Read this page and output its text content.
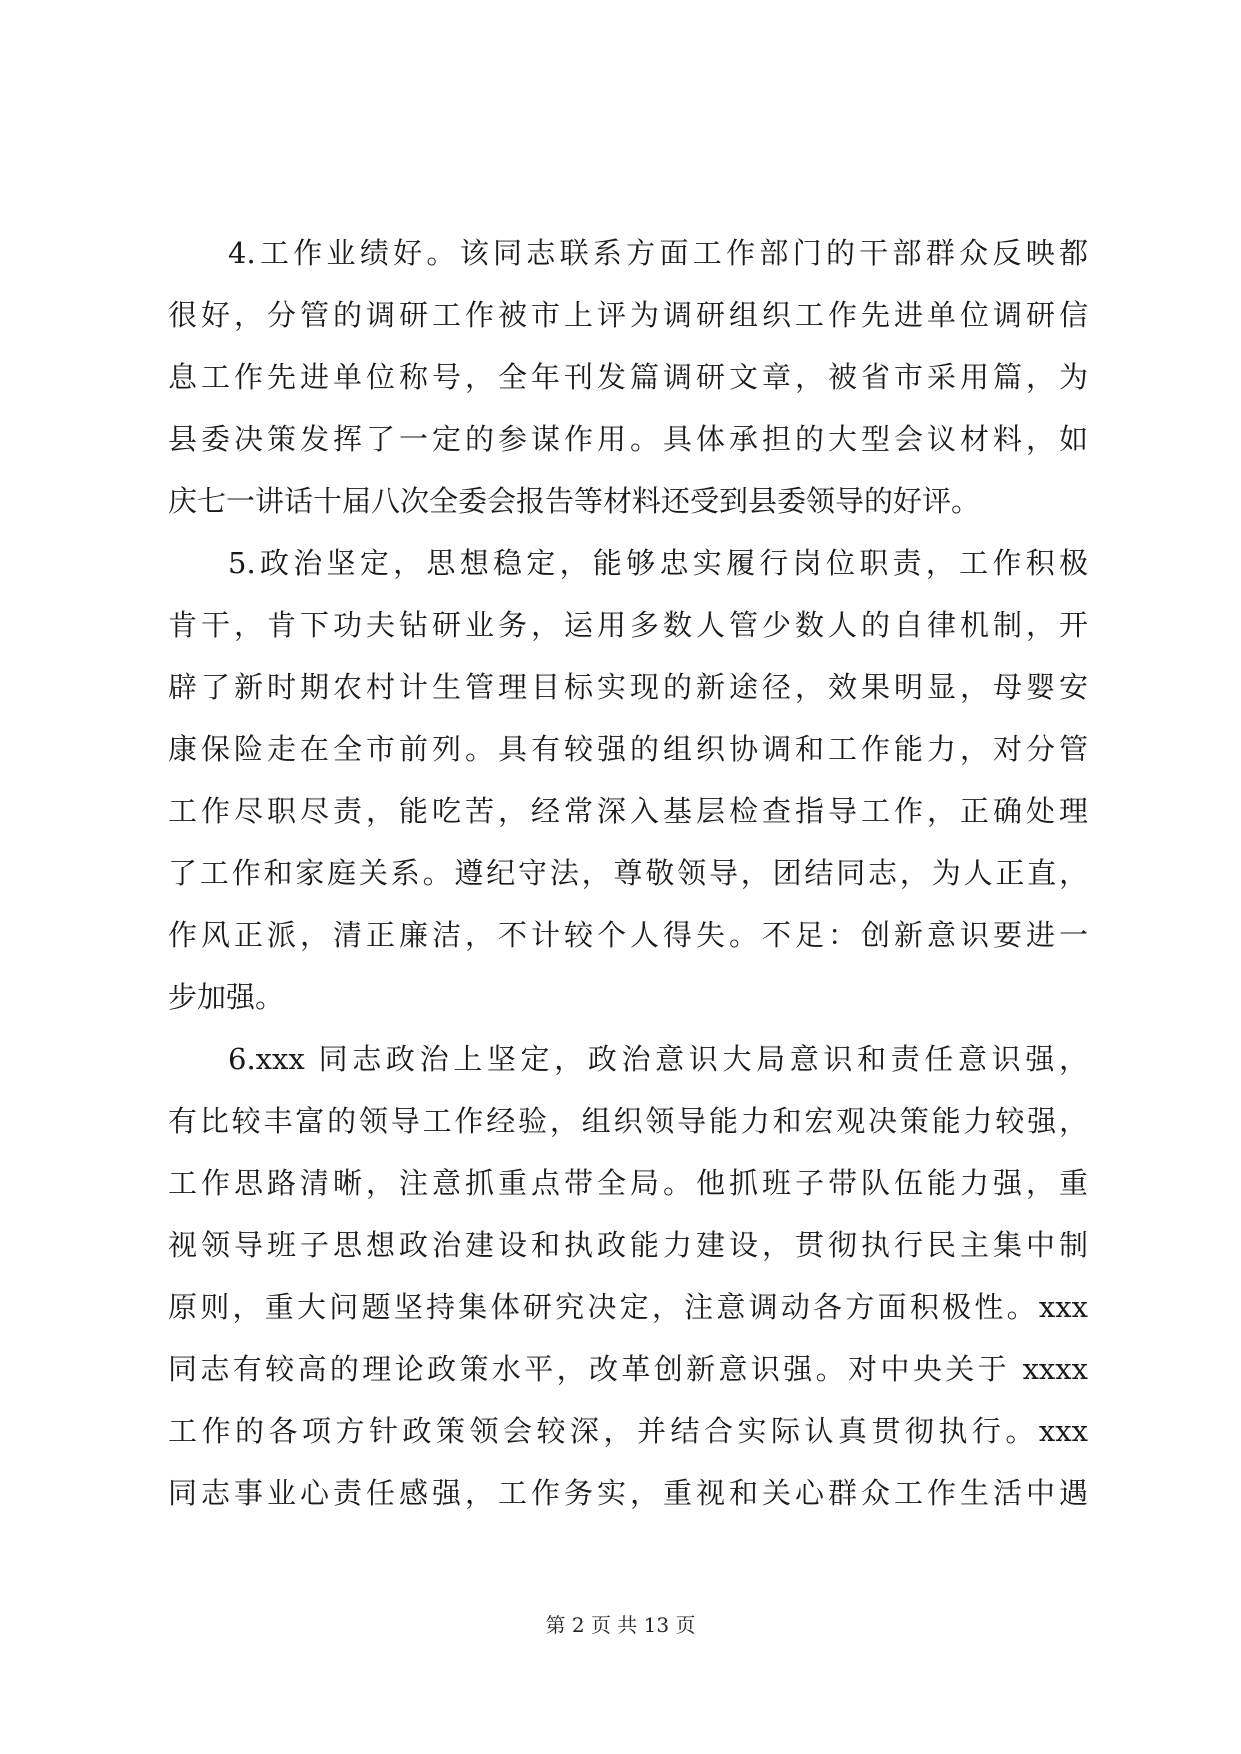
4.工作业绩好。该同志联系方面工作部门的干部群众反映都
很好，分管的调研工作被市上评为调研组织工作先进单位调研信
息工作先进单位称号，全年刊发篇调研文章，被省市采用篇，为
县委决策发挥了一定的参谋作用。具体承担的大型会议材料，如
庆七一讲话十届八次全委会报告等材料还受到县委领导的好评。
5.政治坚定，思想稳定，能够忠实履行岗位职责，工作积极
肯干，肯下功夫钻研业务，运用多数人管少数人的自律机制，开
辟了新时期农村计生管理目标实现的新途径，效果明显，母婴安
康保险走在全市前列。具有较强的组织协调和工作能力，对分管
工作尽职尽责，能吃苦，经常深入基层检查指导工作，正确处理
了工作和家庭关系。遵纪守法，尊敬领导，团结同志，为人正直，
作风正派，清正廉洁，不计较个人得失。不足：创新意识要进一
步加强。
6.xxx 同志政治上坚定，政治意识大局意识和责任意识强，
有比较丰富的领导工作经验，组织领导能力和宏观决策能力较强，
工作思路清晰，注意抓重点带全局。他抓班子带队伍能力强，重
视领导班子思想政治建设和执政能力建设，贯彻执行民主集中制
原则，重大问题坚持集体研究决定，注意调动各方面积极性。xxx
同志有较高的理论政策水平，改革创新意识强。对中央关于 xxxx
工作的各项方针政策领会较深，并结合实际认真贯彻执行。xxx
同志事业心责任感强，工作务实，重视和关心群众工作生活中遇
第 2 页 共 13 页
